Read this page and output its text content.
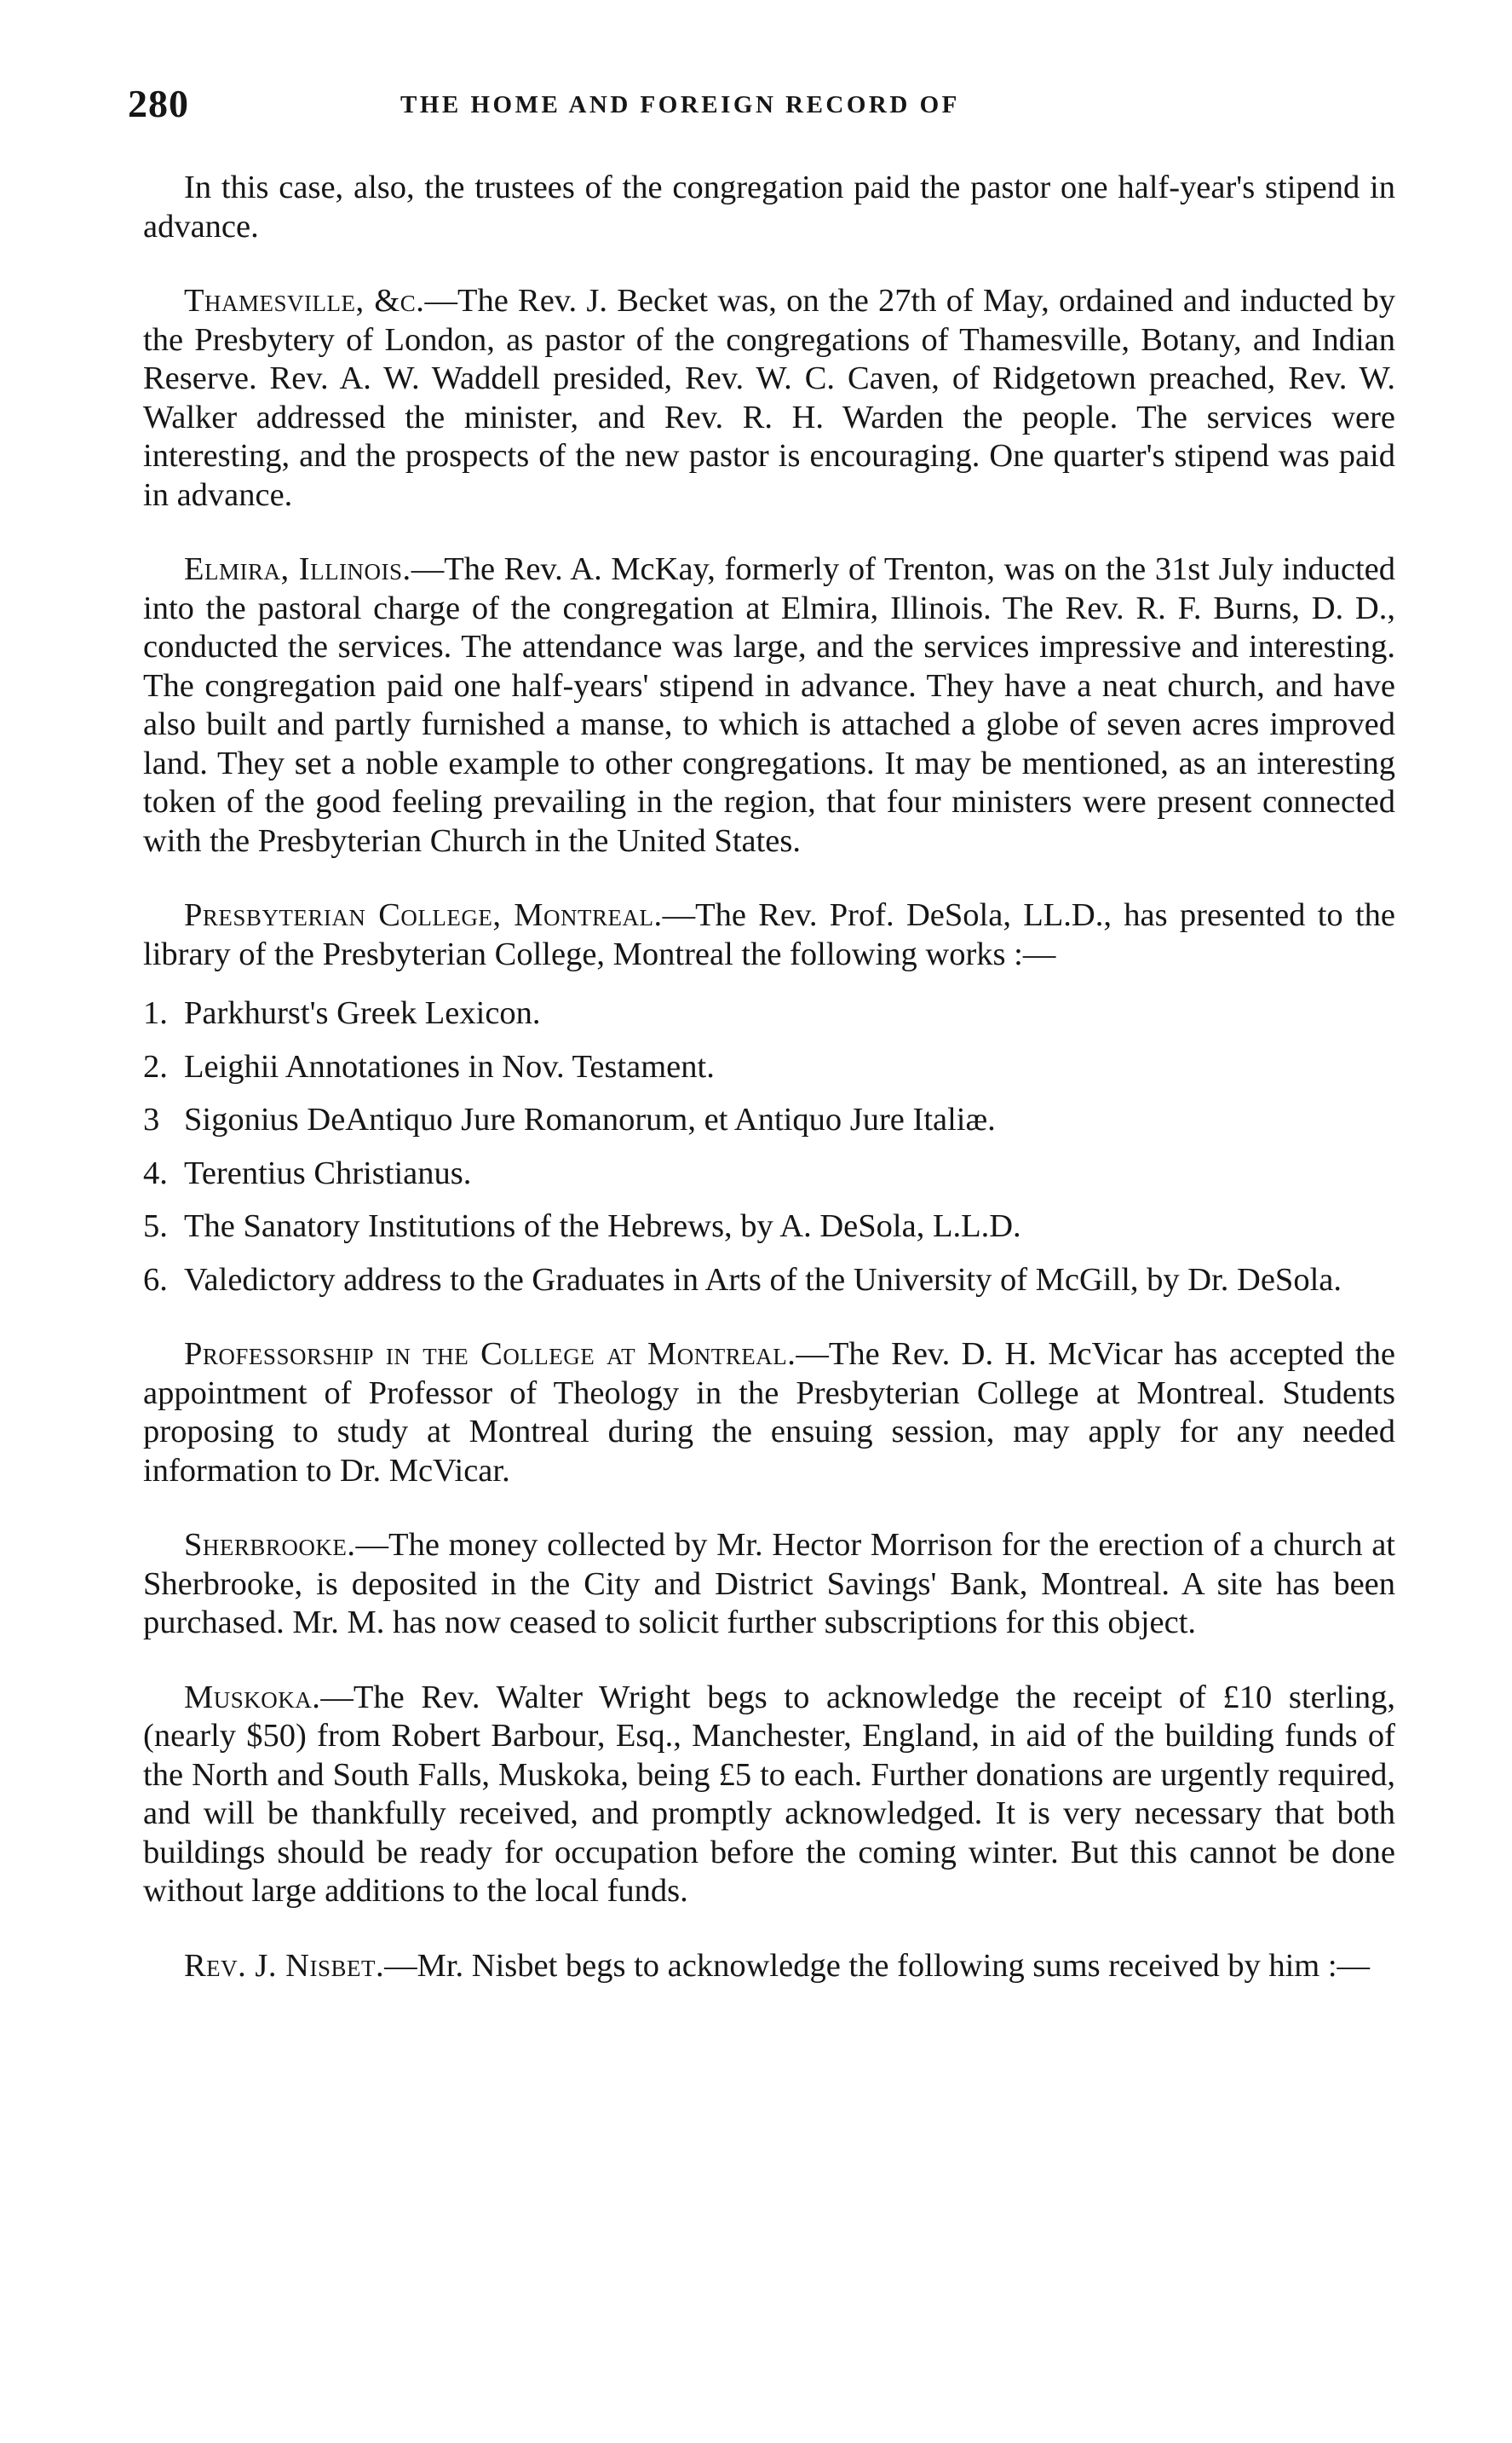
280	THE HOME AND FOREIGN RECORD OF

In this case, also, the trustees of the congregation paid the pastor one half-year's stipend in advance.

Thamesville, &c.—The Rev. J. Becket was, on the 27th of May, ordained and inducted by the Presbytery of London, as pastor of the congregations of Thamesville, Botany, and Indian Reserve. Rev. A. W. Waddell presided, Rev. W. C. Caven, of Ridgetown preached, Rev. W. Walker addressed the minister, and Rev. R. H. Warden the people. The services were interesting, and the prospects of the new pastor is encouraging. One quarter's stipend was paid in advance.

Elmira, Illinois.—The Rev. A. McKay, formerly of Trenton, was on the 31st July inducted into the pastoral charge of the congregation at Elmira, Illinois. The Rev. R. F. Burns, D. D., conducted the services. The attendance was large, and the services impressive and interesting. The congregation paid one half-years' stipend in advance. They have a neat church, and have also built and partly furnished a manse, to which is attached a globe of seven acres improved land. They set a noble example to other congregations. It may be mentioned, as an interesting token of the good feeling prevailing in the region, that four ministers were present connected with the Presbyterian Church in the United States.

Presbyterian College, Montreal.—The Rev. Prof. DeSola, LL.D., has presented to the library of the Presbyterian College, Montreal the following works :—

1. Parkhurst's Greek Lexicon.
2. Leighii Annotationes in Nov. Testament.
3 Sigonius DeAntiquo Jure Romanorum, et Antiquo Jure Italiæ.
4. Terentius Christianus.
5. The Sanatory Institutions of the Hebrews, by A. DeSola, L.L.D.
6. Valedictory address to the Graduates in Arts of the University of McGill, by Dr. DeSola.

Professorship in the College at Montreal.—The Rev. D. H. McVicar has accepted the appointment of Professor of Theology in the Presbyterian College at Montreal. Students proposing to study at Montreal during the ensuing session, may apply for any needed information to Dr. McVicar.

Sherbrooke.—The money collected by Mr. Hector Morrison for the erection of a church at Sherbrooke, is deposited in the City and District Savings' Bank, Montreal. A site has been purchased. Mr. M. has now ceased to solicit further subscriptions for this object.

Muskoka.—The Rev. Walter Wright begs to acknowledge the receipt of £10 sterling, (nearly $50) from Robert Barbour, Esq., Manchester, England, in aid of the building funds of the North and South Falls, Muskoka, being £5 to each. Further donations are urgently required, and will be thankfully received, and promptly acknowledged. It is very necessary that both buildings should be ready for occupation before the coming winter. But this cannot be done without large additions to the local funds.

Rev. J. Nisbet.—Mr. Nisbet begs to acknowledge the following sums received by him :—
